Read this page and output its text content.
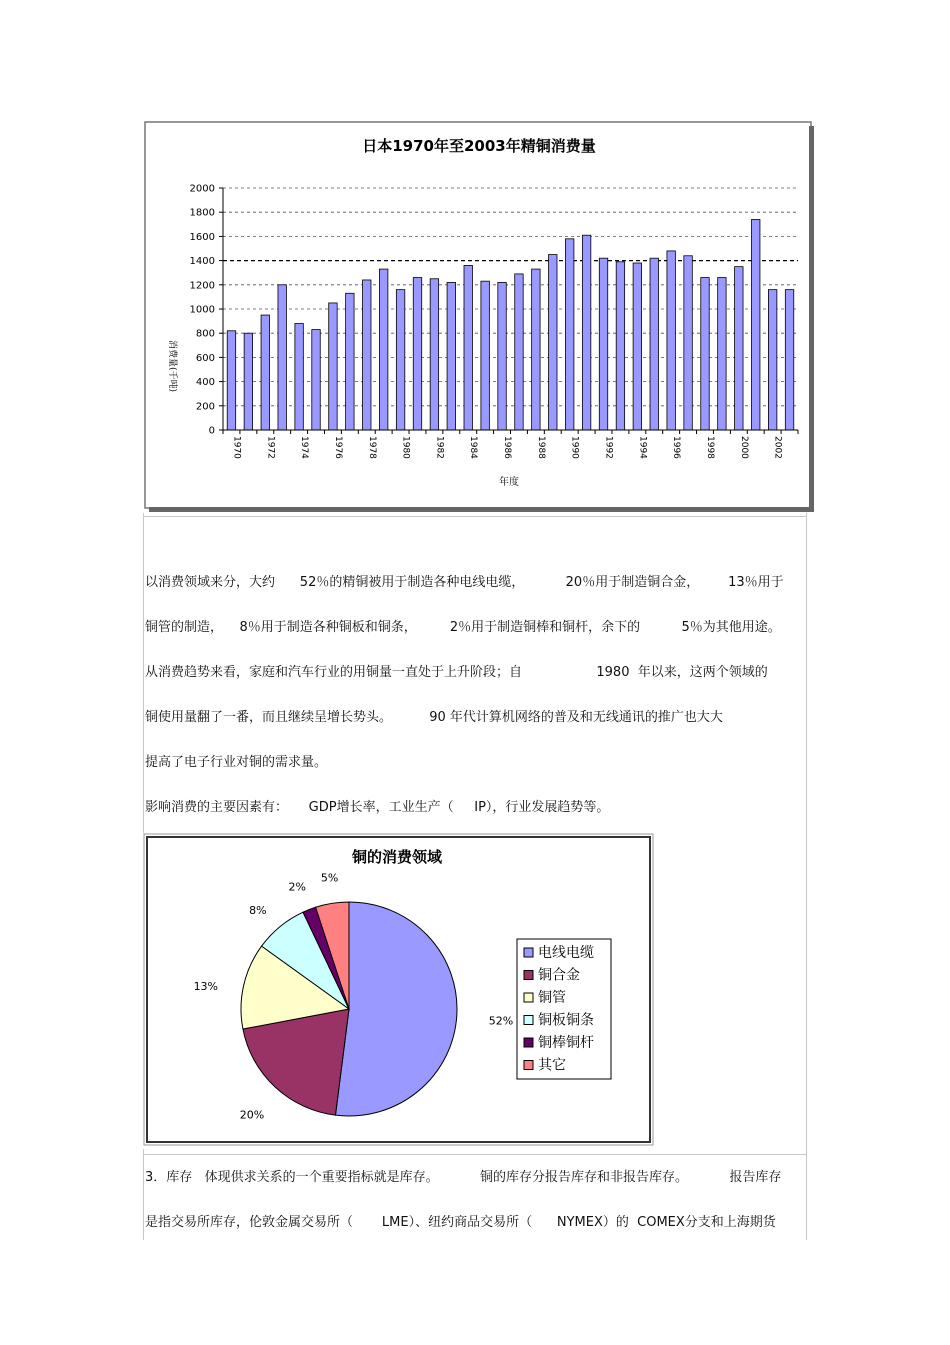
日本1970年至2003年精铜消费量
消费量(千吨)
年度
0
200
400
600
800
1000
1200
1400
1600
1800
2000
1970	1972	1974	1976	1978	1980	1982	1984	1986	1988	1990	1992	1994	1996	1998	2000	2002

以消费领域来分，大约      52％的精铜被用于制造各种电线电缆，          20％用于制造铜合金，       13％用于

铜管的制造，    8％用于制造各种铜板和铜条，        2％用于制造铜棒和铜杆，余下的          5％为其他用途。

从消费趋势来看，家庭和汽车行业的用铜量一直处于上升阶段；自                  1980  年以来，这两个领域的

铜使用量翻了一番，而且继续呈增长势头。         90 年代计算机网络的普及和无线通讯的推广也大大

提高了电子行业对铜的需求量。

影响消费的主要因素有：     GDP增长率，工业生产（     IP），行业发展趋势等。

铜的消费领域
52%
20%
13%
8%
2%
5%
电线电缆
铜合金
铜管
铜板铜条
铜棒铜杆
其它

3．库存   体现供求关系的一个重要指标就是库存。          铜的库存分报告库存和非报告库存。          报告库存

是指交易所库存，伦敦金属交易所（       LME）、纽约商品交易所（      NYMEX）的  COMEX分支和上海期货
